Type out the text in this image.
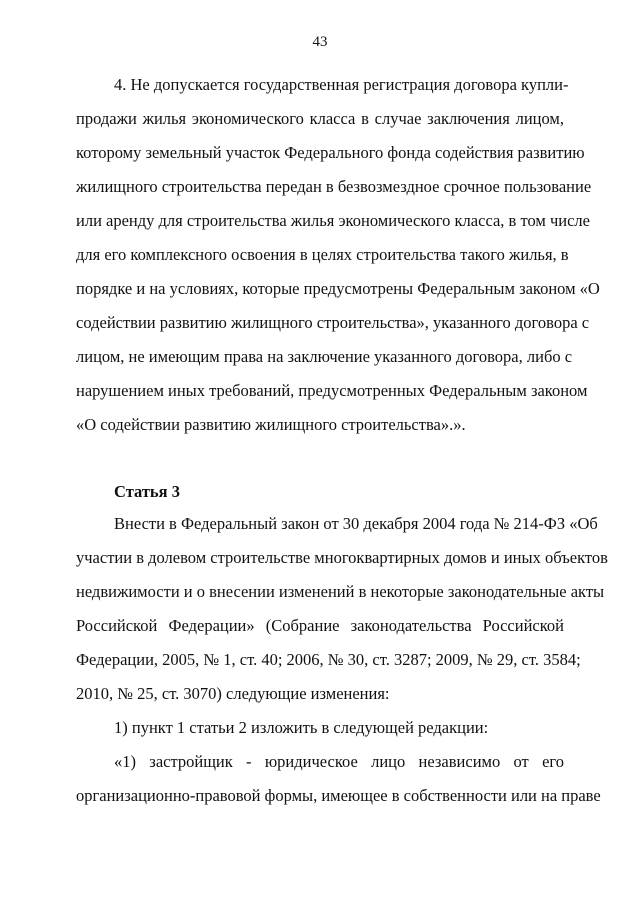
43
4. Не допускается государственная регистрация договора купли-
продажи жилья экономического класса в случае заключения лицом,
которому земельный участок Федерального фонда содействия развитию
жилищного строительства передан в безвозмездное срочное пользование
или аренду для строительства жилья экономического класса, в том числе
для его комплексного освоения в целях строительства такого жилья, в
порядке и на условиях, которые предусмотрены Федеральным законом «О
содействии развитию жилищного строительства», указанного договора с
лицом, не имеющим права на заключение указанного договора, либо с
нарушением иных требований, предусмотренных Федеральным законом
«О содействии развитию жилищного строительства».».
Статья 3
Внести в Федеральный закон от 30 декабря 2004 года № 214-ФЗ «Об
участии в долевом строительстве многоквартирных домов и иных объектов
недвижимости и о внесении изменений в некоторые законодательные акты
Российской Федерации» (Собрание законодательства Российской
Федерации, 2005, № 1, ст. 40; 2006, № 30, ст. 3287; 2009, № 29, ст. 3584;
2010, № 25, ст. 3070) следующие изменения:
1) пункт 1 статьи 2 изложить в следующей редакции:
«1) застройщик - юридическое лицо независимо от его
организационно-правовой формы, имеющее в собственности или на праве
